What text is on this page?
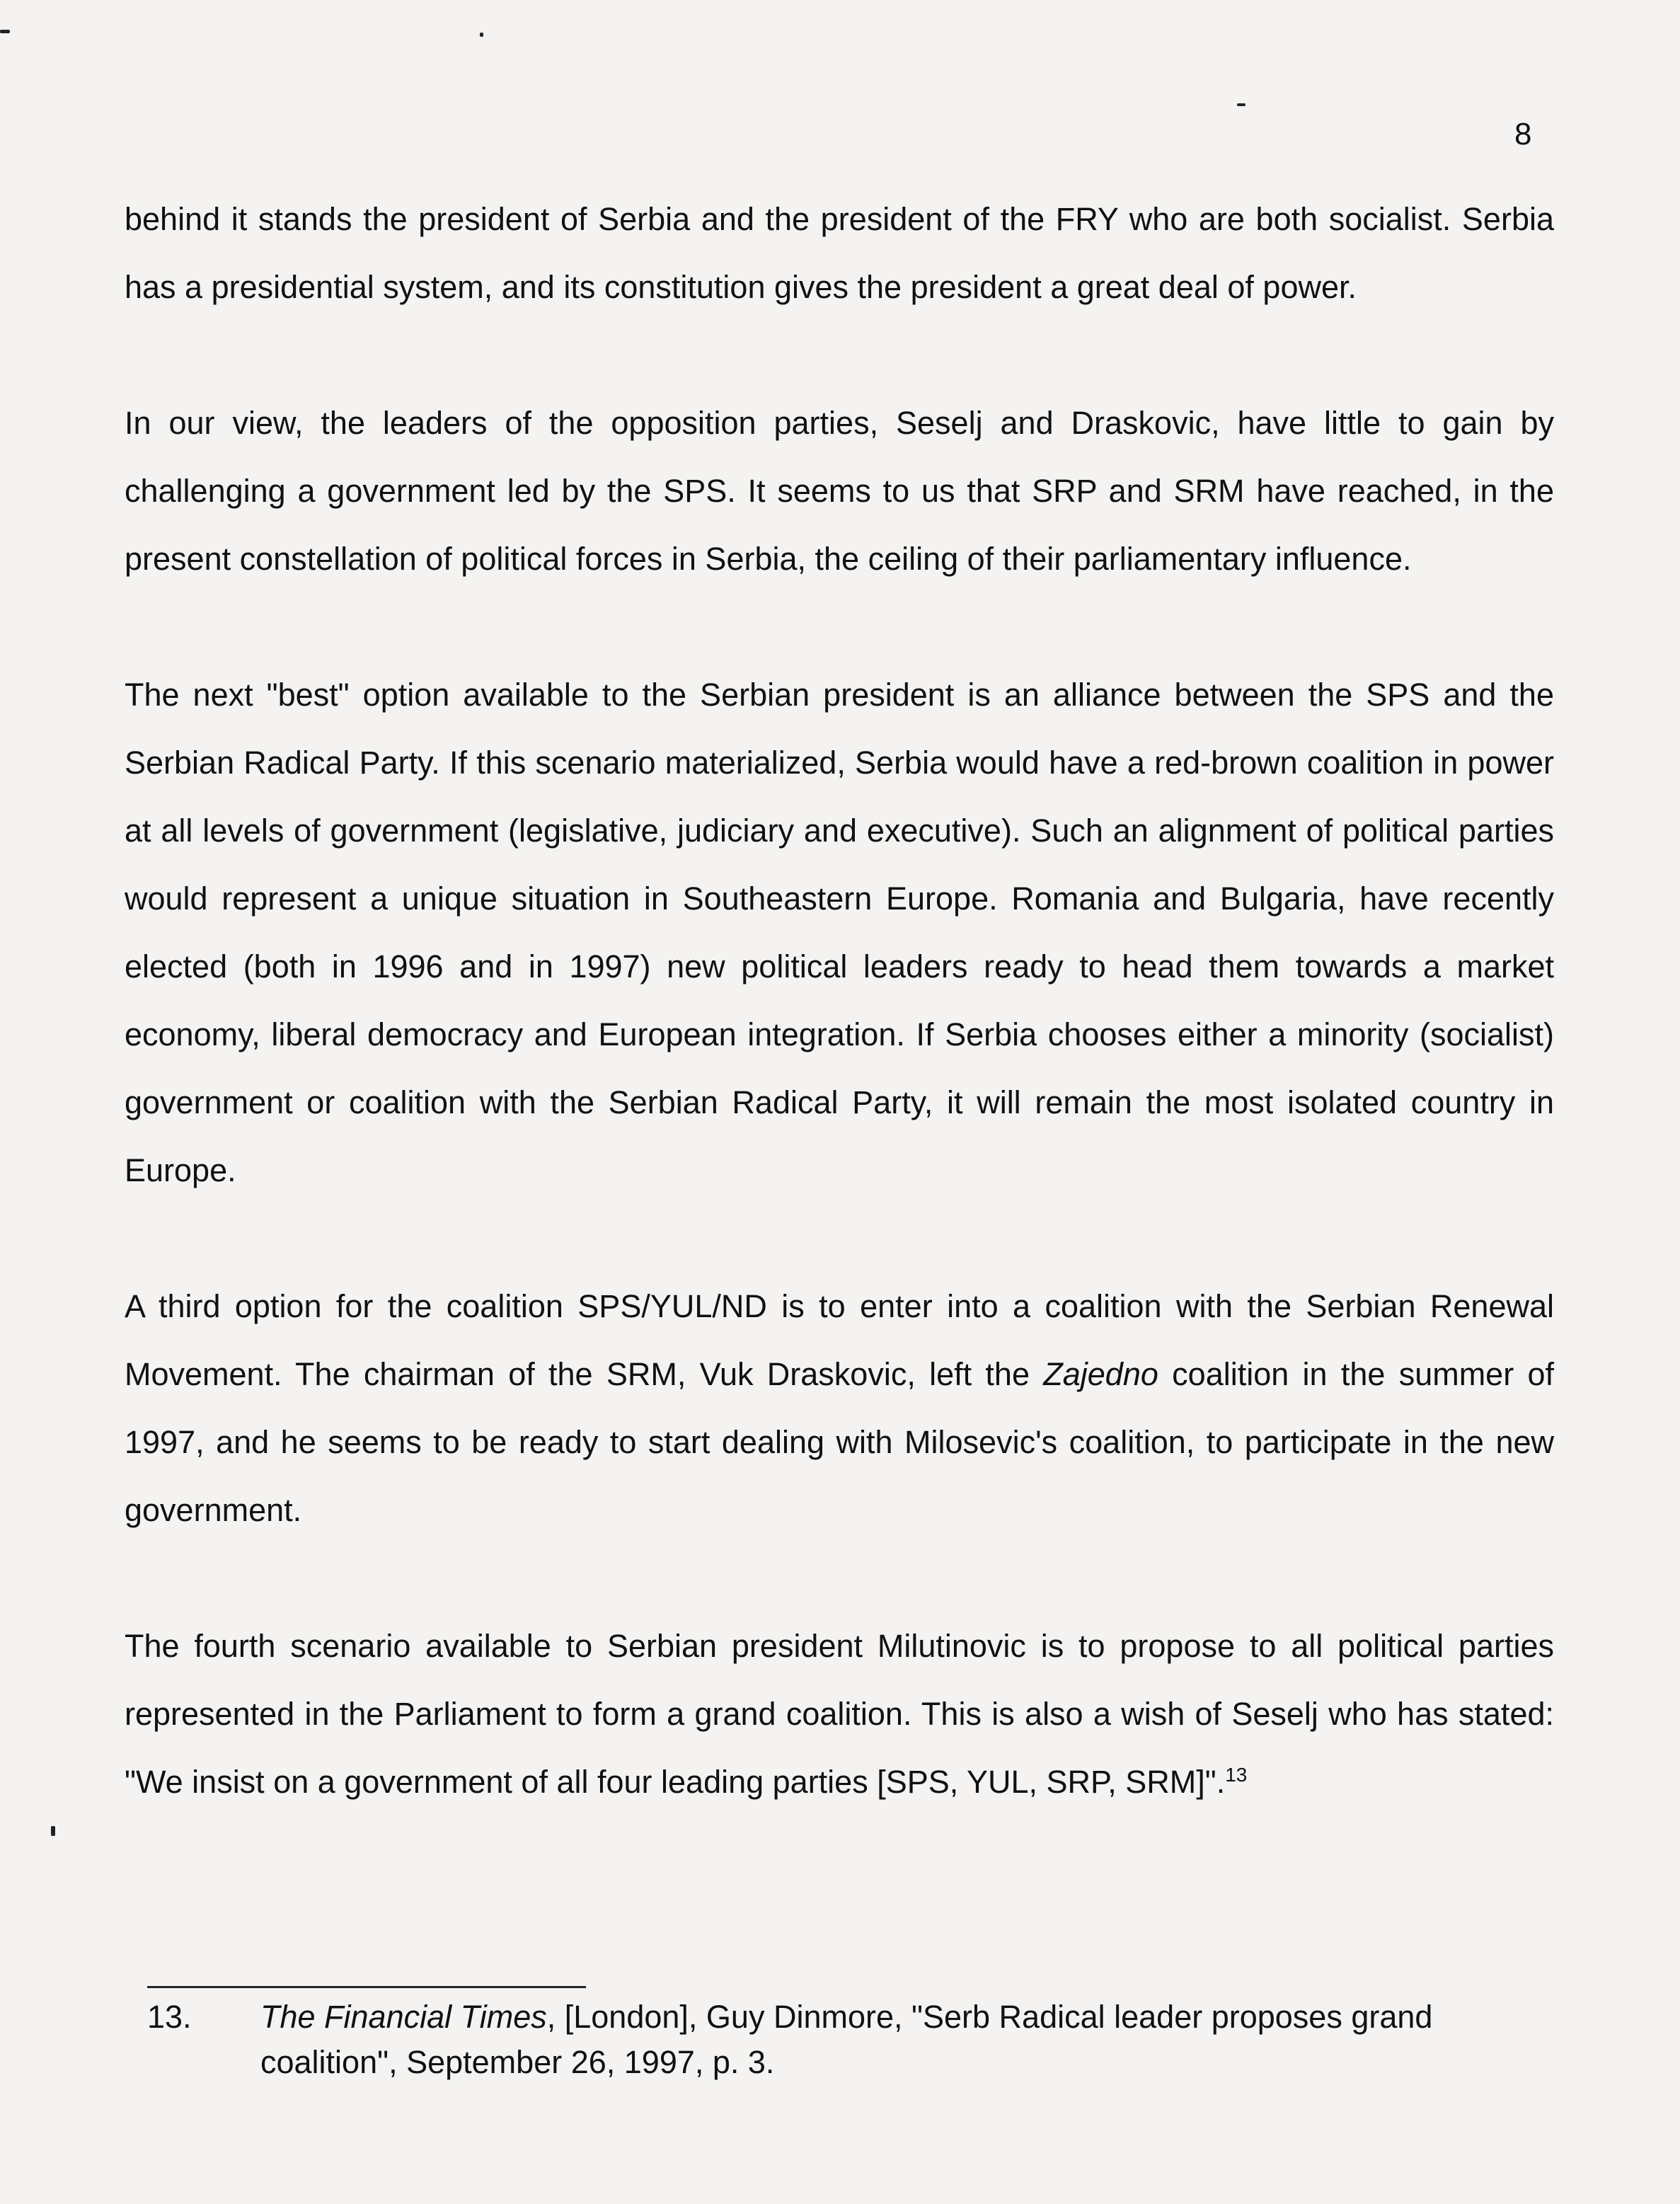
8

behind it stands the president of Serbia and the president of the FRY who are both socialist. Serbia has a presidential system, and its constitution gives the president a great deal of power.

In our view, the leaders of the opposition parties, Seselj and Draskovic, have little to gain by challenging a government led by the SPS. It seems to us that SRP and SRM have reached, in the present constellation of political forces in Serbia, the ceiling of their parliamentary influence.

The next "best" option available to the Serbian president is an alliance between the SPS and the Serbian Radical Party. If this scenario materialized, Serbia would have a red-brown coalition in power at all levels of government (legislative, judiciary and executive). Such an alignment of political parties would represent a unique situation in Southeastern Europe. Romania and Bulgaria, have recently elected (both in 1996 and in 1997) new political leaders ready to head them towards a market economy, liberal democracy and European integration. If Serbia chooses either a minority (socialist) government or coalition with the Serbian Radical Party, it will remain the most isolated country in Europe.

A third option for the coalition SPS/YUL/ND is to enter into a coalition with the Serbian Renewal Movement. The chairman of the SRM, Vuk Draskovic, left the Zajedno coalition in the summer of 1997, and he seems to be ready to start dealing with Milosevic's coalition, to participate in the new government.

The fourth scenario available to Serbian president Milutinovic is to propose to all political parties represented in the Parliament to form a grand coalition. This is also a wish of Seselj who has stated: "We insist on a government of all four leading parties [SPS, YUL, SRP, SRM]".$^{13}$

13.	The Financial Times, [London], Guy Dinmore, "Serb Radical leader proposes grand coalition", September 26, 1997, p. 3.
